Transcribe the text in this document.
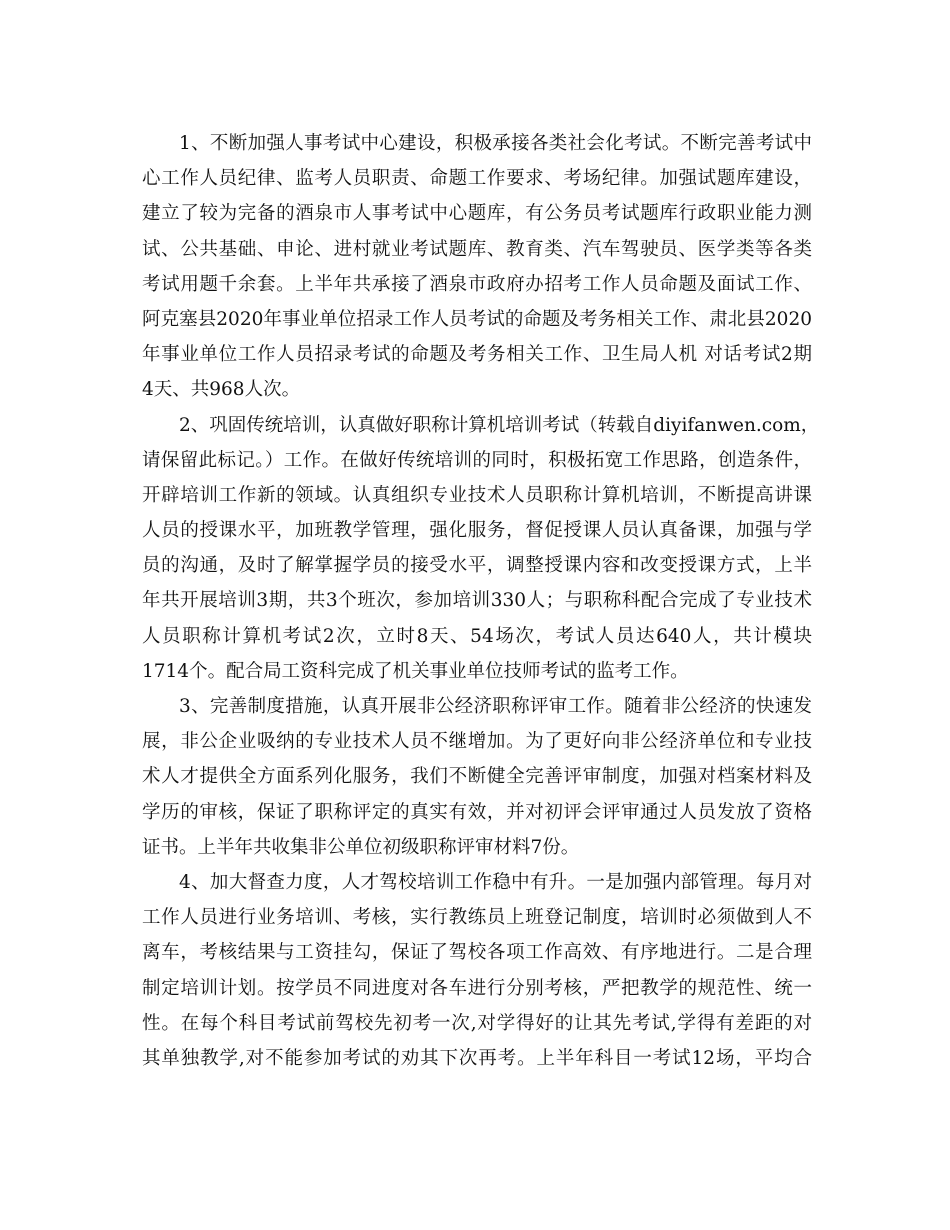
1、不断加强人事考试中心建设，积极承接各类社会化考试。不断完善考试中
心工作人员纪律、监考人员职责、命题工作要求、考场纪律。加强试题库建设，
建立了较为完备的酒泉市人事考试中心题库，有公务员考试题库行政职业能力测
试、公共基础、申论、进村就业考试题库、教育类、汽车驾驶员、医学类等各类
考试用题千余套。上半年共承接了酒泉市政府办招考工作人员命题及面试工作、
阿克塞县2020年事业单位招录工作人员考试的命题及考务相关工作、肃北县2020
年事业单位工作人员招录考试的命题及考务相关工作、卫生局人机 对话考试2期
4天、共968人次。
2、巩固传统培训，认真做好职称计算机培训考试（转载自diyifanwen.com，
请保留此标记。）工作。在做好传统培训的同时，积极拓宽工作思路，创造条件，
开辟培训工作新的领域。认真组织专业技术人员职称计算机培训，不断提高讲课
人员的授课水平，加班教学管理，强化服务，督促授课人员认真备课，加强与学
员的沟通，及时了解掌握学员的接受水平，调整授课内容和改变授课方式，上半
年共开展培训3期，共3个班次，参加培训330人；与职称科配合完成了专业技术
人员职称计算机考试2次，立时8天、54场次，考试人员达640人，共计模块
1714个。配合局工资科完成了机关事业单位技师考试的监考工作。
3、完善制度措施，认真开展非公经济职称评审工作。随着非公经济的快速发
展，非公企业吸纳的专业技术人员不继增加。为了更好向非公经济单位和专业技
术人才提供全方面系列化服务，我们不断健全完善评审制度，加强对档案材料及
学历的审核，保证了职称评定的真实有效，并对初评会评审通过人员发放了资格
证书。上半年共收集非公单位初级职称评审材料7份。
4、加大督查力度，人才驾校培训工作稳中有升。一是加强内部管理。每月对
工作人员进行业务培训、考核，实行教练员上班登记制度，培训时必须做到人不
离车，考核结果与工资挂勾，保证了驾校各项工作高效、有序地进行。二是合理
制定培训计划。按学员不同进度对各车进行分别考核，严把教学的规范性、统一
性。在每个科目考试前驾校先初考一次,对学得好的让其先考试,学得有差距的对
其单独教学,对不能参加考试的劝其下次再考。上半年科目一考试12场，平均合
